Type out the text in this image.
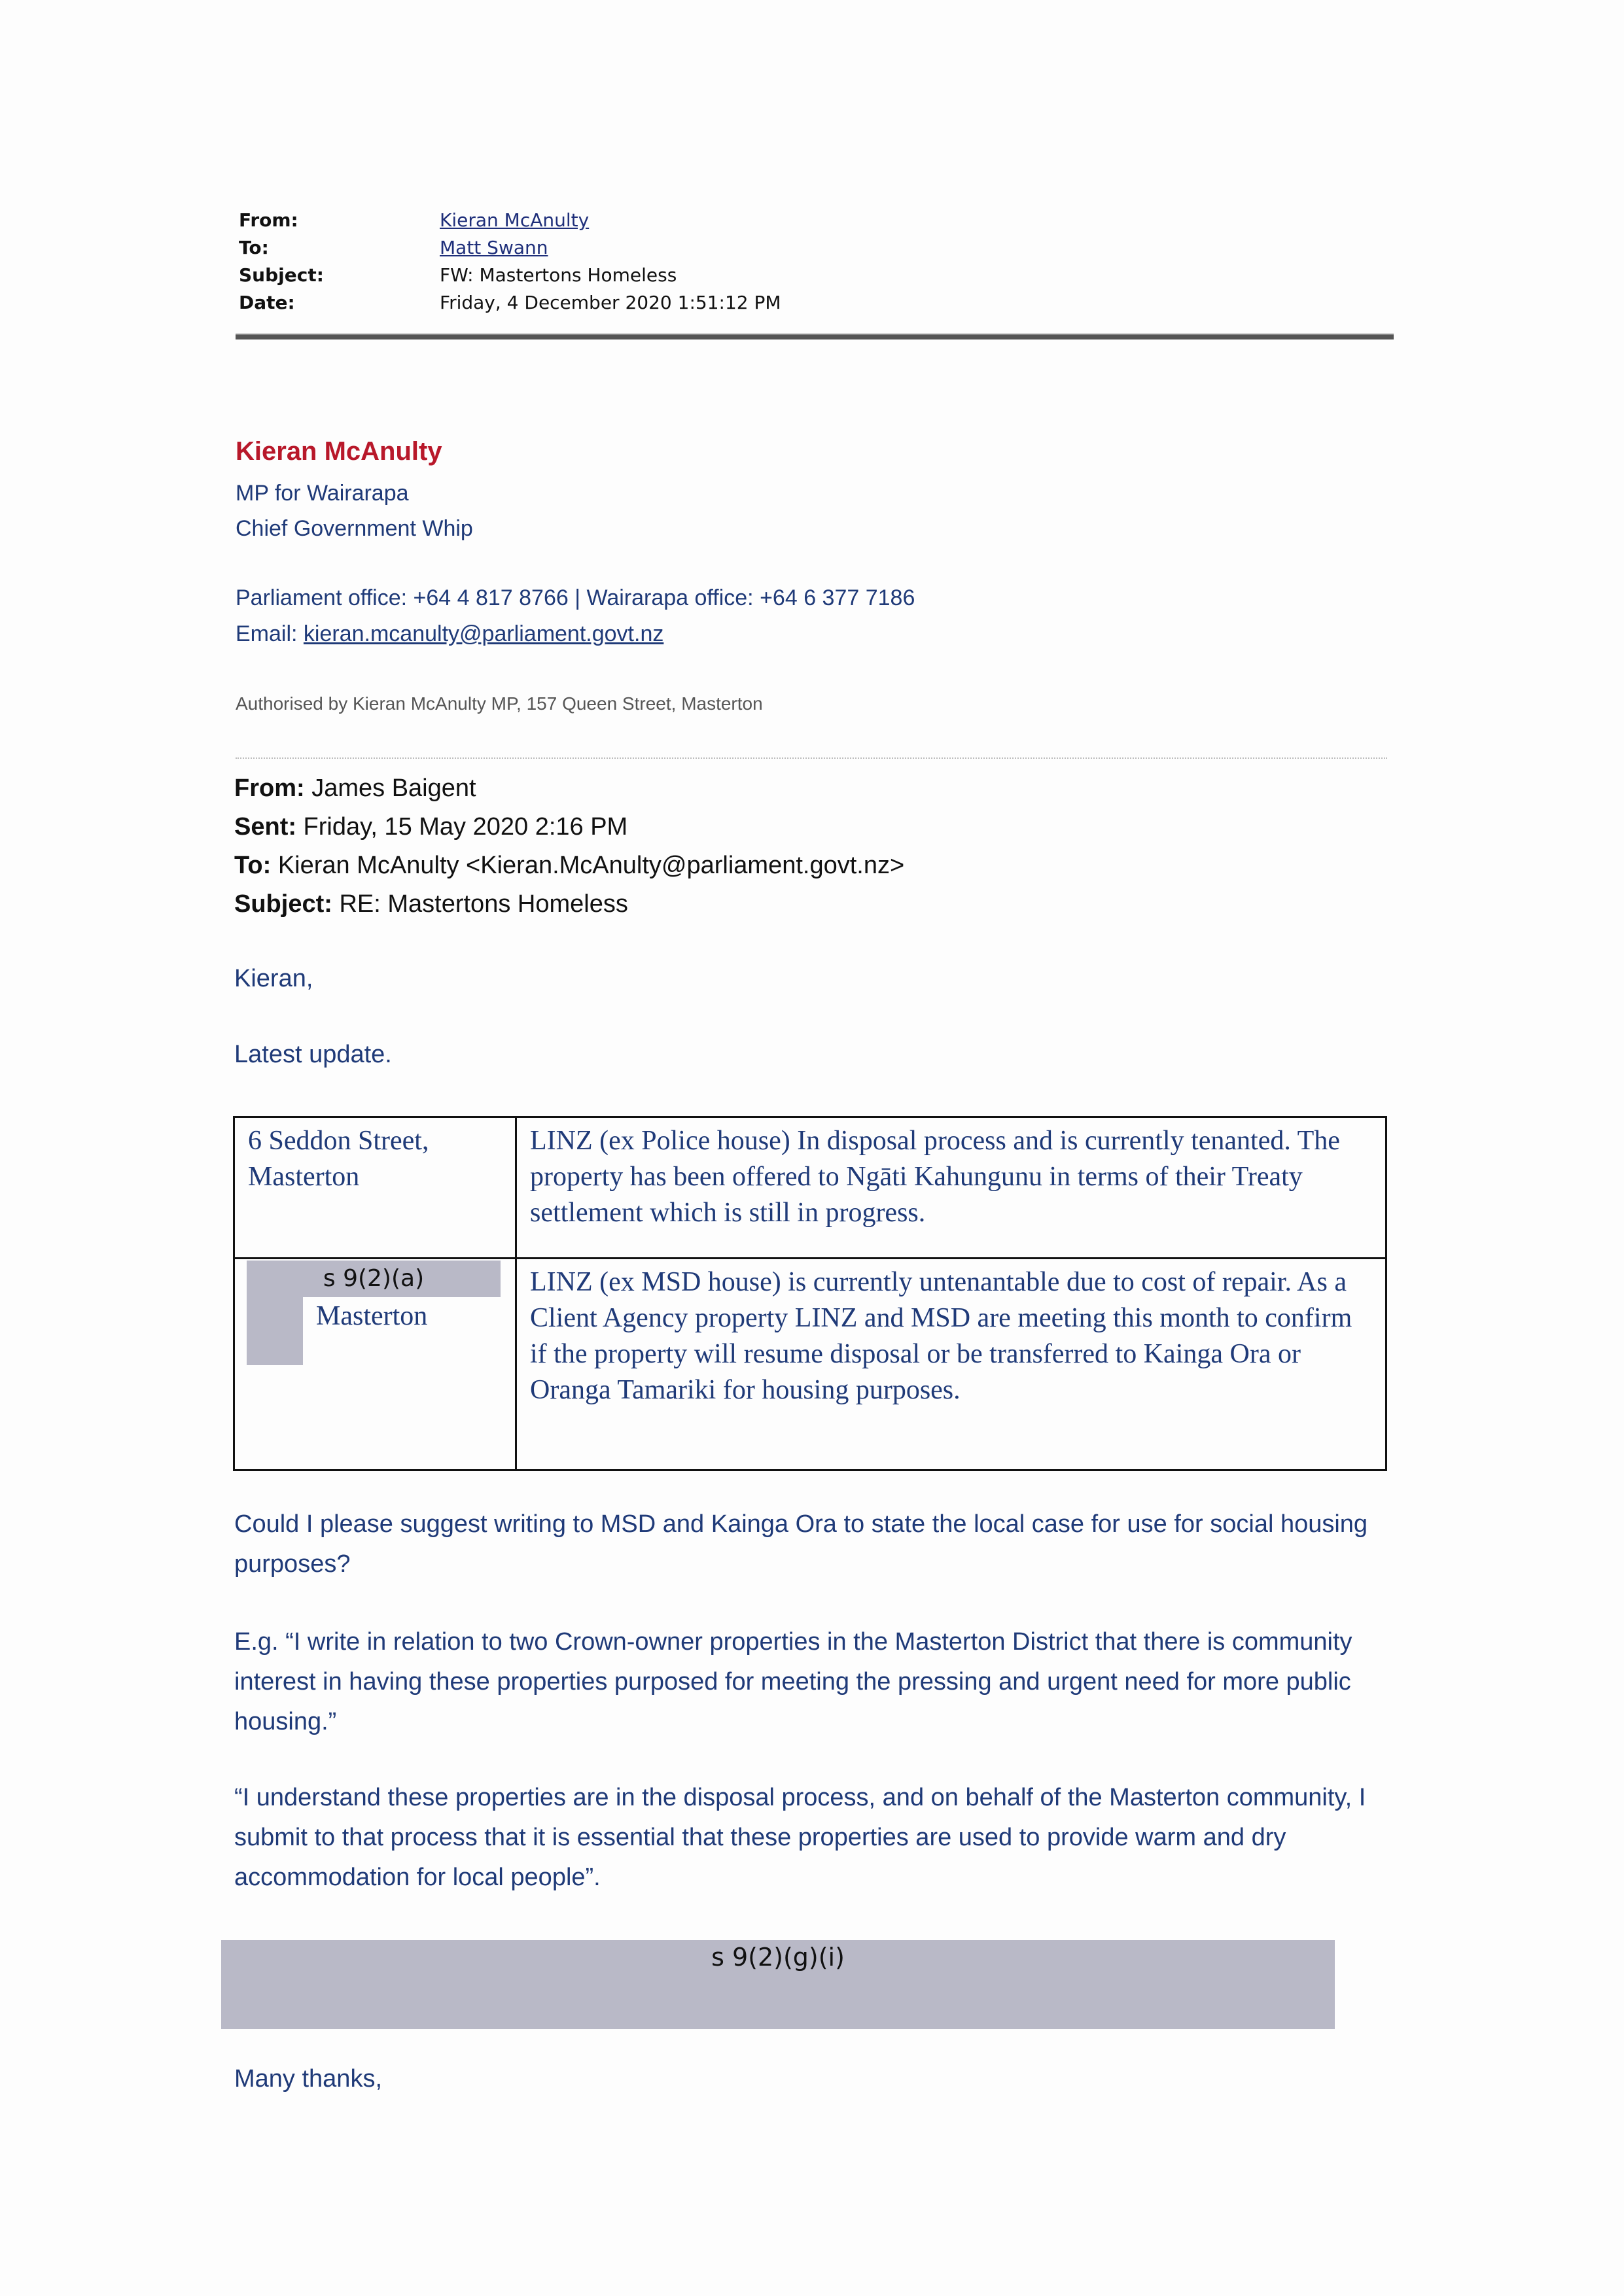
From:	Kieran McAnulty
To:	Matt Swann
Subject:	FW: Mastertons Homeless
Date:	Friday, 4 December 2020 1:51:12 PM
Kieran McAnulty
MP for Wairarapa
Chief Government Whip
Parliament office: +64 4 817 8766 | Wairarapa office: +64 6 377 7186
Email: kieran.mcanulty@parliament.govt.nz
Authorised by Kieran McAnulty MP, 157 Queen Street, Masterton
From: James Baigent
Sent: Friday, 15 May 2020 2:16 PM
To: Kieran McAnulty <Kieran.McAnulty@parliament.govt.nz>
Subject: RE: Mastertons Homeless
Kieran,
Latest update.
6 Seddon Street, Masterton	LINZ (ex Police house) In disposal process and is currently tenanted. The property has been offered to Ngāti Kahungunu in terms of their Treaty settlement which is still in progress.

s 9(2)(a)
Masterton	LINZ (ex MSD house) is currently untenantable due to cost of repair. As a Client Agency property LINZ and MSD are meeting this month to confirm if the property will resume disposal or be transferred to Kainga Ora or Oranga Tamariki for housing purposes.
Could I please suggest writing to MSD and Kainga Ora to state the local case for use for social housing purposes?
E.g. “I write in relation to two Crown-owner properties in the Masterton District that there is community interest in having these properties purposed for meeting the pressing and urgent need for more public housing.”
“I understand these properties are in the disposal process, and on behalf of the Masterton community, I submit to that process that it is essential that these properties are used to provide warm and dry accommodation for local people”.
s 9(2)(g)(i)
Many thanks,
